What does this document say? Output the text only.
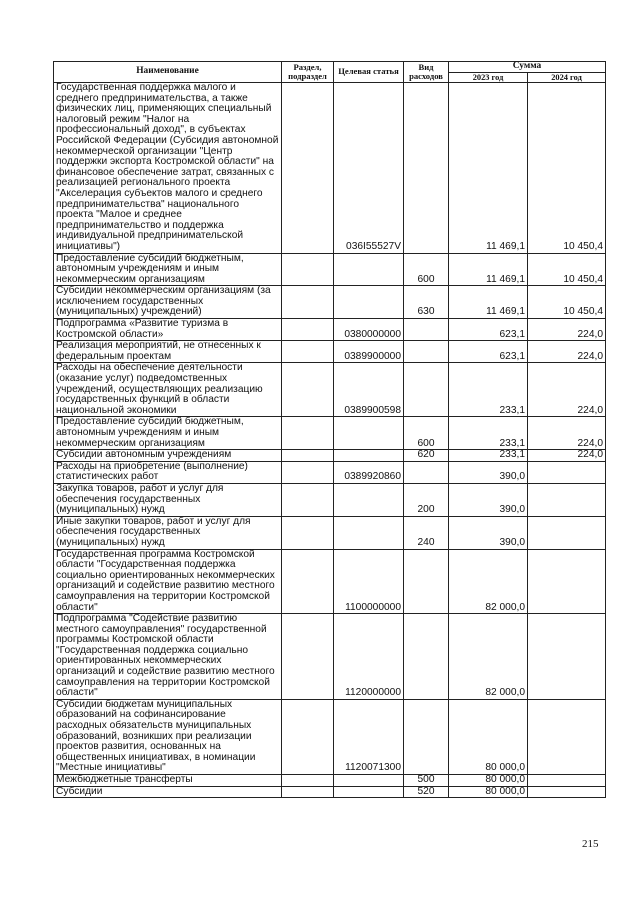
Наименование	Раздел, подраздел	Целевая статья	Вид расходов	Сумма	
				2023 год	2024 год
Государственная поддержка малого и среднего предпринимательства, а также физических лиц, применяющих специальный налоговый режим "Налог на профессиональный доход", в субъектах Российской Федерации (Субсидия автономной некоммерческой организации "Центр поддержки экспорта Костромской области" на финансовое обеспечение затрат, связанных с реализацией регионального проекта "Акселерация субъектов малого и среднего предпринимательства" национального проекта "Малое и среднее предпринимательство и поддержка индивидуальной предпринимательской инициативы")		036I55527V		11 469,1	10 450,4
Предоставление субсидий бюджетным, автономным учреждениям и иным некоммерческим организациям			600	11 469,1	10 450,4
Субсидии некоммерческим организациям (за исключением государственных (муниципальных) учреждений)			630	11 469,1	10 450,4
Подпрограмма «Развитие туризма в Костромской области»		0380000000		623,1	224,0
Реализация мероприятий, не отнесенных к федеральным проектам		0389900000		623,1	224,0
Расходы на обеспечение деятельности (оказание услуг) подведомственных учреждений, осуществляющих реализацию государственных функций в области национальной экономики		0389900598		233,1	224,0
Предоставление субсидий бюджетным, автономным учреждениям и иным некоммерческим организациям			600	233,1	224,0
Субсидии автономным учреждениям			620	233,1	224,0
Расходы на приобретение (выполнение) статистических работ		0389920860		390,0	
Закупка товаров, работ и услуг для обеспечения государственных (муниципальных) нужд			200	390,0	
Иные закупки товаров, работ и услуг для обеспечения государственных (муниципальных) нужд			240	390,0	
Государственная программа Костромской области "Государственная поддержка социально ориентированных некоммерческих организаций и содействие развитию местного самоуправления на территории Костромской области"		1100000000		82 000,0	
Подпрограмма "Содействие развитию местного самоуправления" государственной программы Костромской области "Государственная поддержка социально ориентированных некоммерческих организаций и содействие развитию местного самоуправления на территории Костромской области"		1120000000		82 000,0	
Субсидии бюджетам муниципальных образований на софинансирование расходных обязательств муниципальных образований, возникших при реализации проектов развития, основанных на общественных инициативах, в номинации "Местные инициативы"		1120071300		80 000,0	
Межбюджетные трансферты			500	80 000,0	
Субсидии			520	80 000,0	
215
